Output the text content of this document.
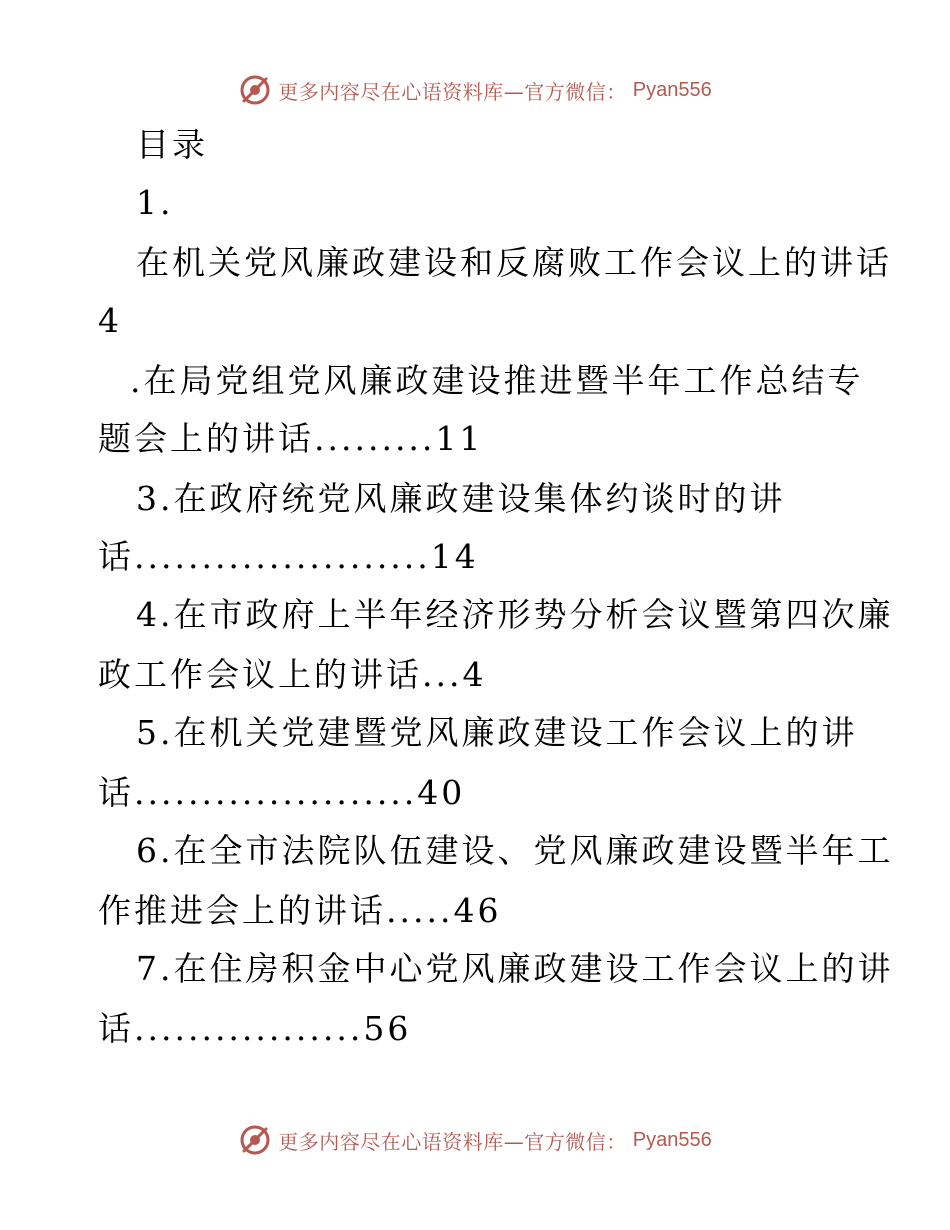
更多内容尽在心语资料库—官方微信： Pyan556
目录
1.
在机关党风廉政建设和反腐败工作会议上的讲话
4
.在局党组党风廉政建设推进暨半年工作总结专
题会上的讲话.........11
3.在政府统党风廉政建设集体约谈时的讲
话......................14
4.在市政府上半年经济形势分析会议暨第四次廉
政工作会议上的讲话...4
5.在机关党建暨党风廉政建设工作会议上的讲
话.....................40
6.在全市法院队伍建设、党风廉政建设暨半年工
作推进会上的讲话.....46
7.在住房积金中心党风廉政建设工作会议上的讲
话.................56
更多内容尽在心语资料库—官方微信： Pyan556
